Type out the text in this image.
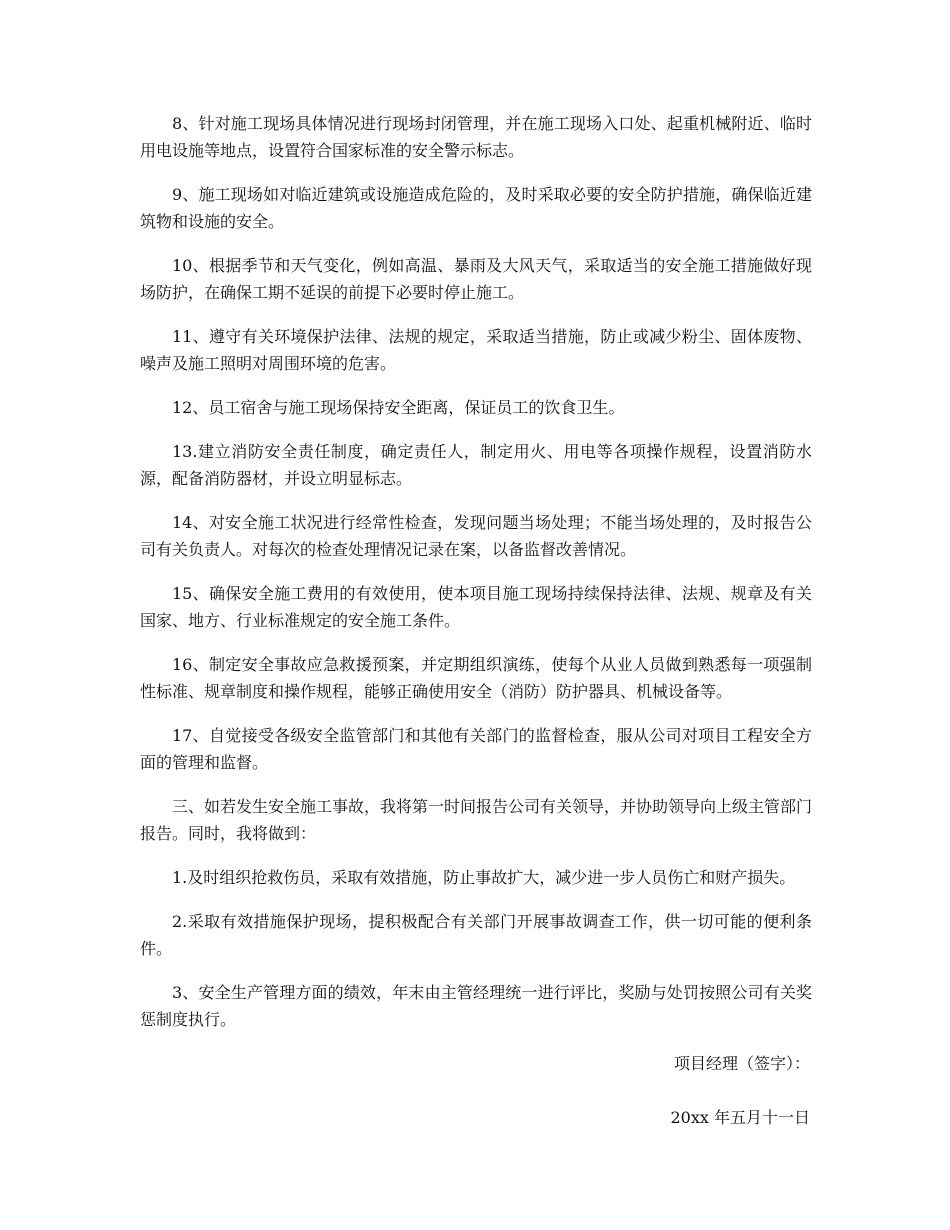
8、针对施工现场具体情况进行现场封闭管理，并在施工现场入口处、起重机械附近、临时用电设施等地点，设置符合国家标准的安全警示标志。

9、施工现场如对临近建筑或设施造成危险的，及时采取必要的安全防护措施，确保临近建筑物和设施的安全。

10、根据季节和天气变化，例如高温、暴雨及大风天气，采取适当的安全施工措施做好现场防护，在确保工期不延误的前提下必要时停止施工。

11、遵守有关环境保护法律、法规的规定，采取适当措施，防止或减少粉尘、固体废物、噪声及施工照明对周围环境的危害。

12、员工宿舍与施工现场保持安全距离，保证员工的饮食卫生。

13.建立消防安全责任制度，确定责任人，制定用火、用电等各项操作规程，设置消防水源，配备消防器材，并设立明显标志。

14、对安全施工状况进行经常性检查，发现问题当场处理；不能当场处理的，及时报告公司有关负责人。对每次的检查处理情况记录在案，以备监督改善情况。

15、确保安全施工费用的有效使用，使本项目施工现场持续保持法律、法规、规章及有关国家、地方、行业标准规定的安全施工条件。

16、制定安全事故应急救援预案，并定期组织演练，使每个从业人员做到熟悉每一项强制性标准、规章制度和操作规程，能够正确使用安全（消防）防护器具、机械设备等。

17、自觉接受各级安全监管部门和其他有关部门的监督检查，服从公司对项目工程安全方面的管理和监督。

三、如若发生安全施工事故，我将第一时间报告公司有关领导，并协助领导向上级主管部门报告。同时，我将做到：

1.及时组织抢救伤员，采取有效措施，防止事故扩大，减少进一步人员伤亡和财产损失。

2.采取有效措施保护现场，提积极配合有关部门开展事故调查工作，供一切可能的便利条件。

3、安全生产管理方面的绩效，年末由主管经理统一进行评比，奖励与处罚按照公司有关奖惩制度执行。

项目经理（签字）：

20xx 年五月十一日
